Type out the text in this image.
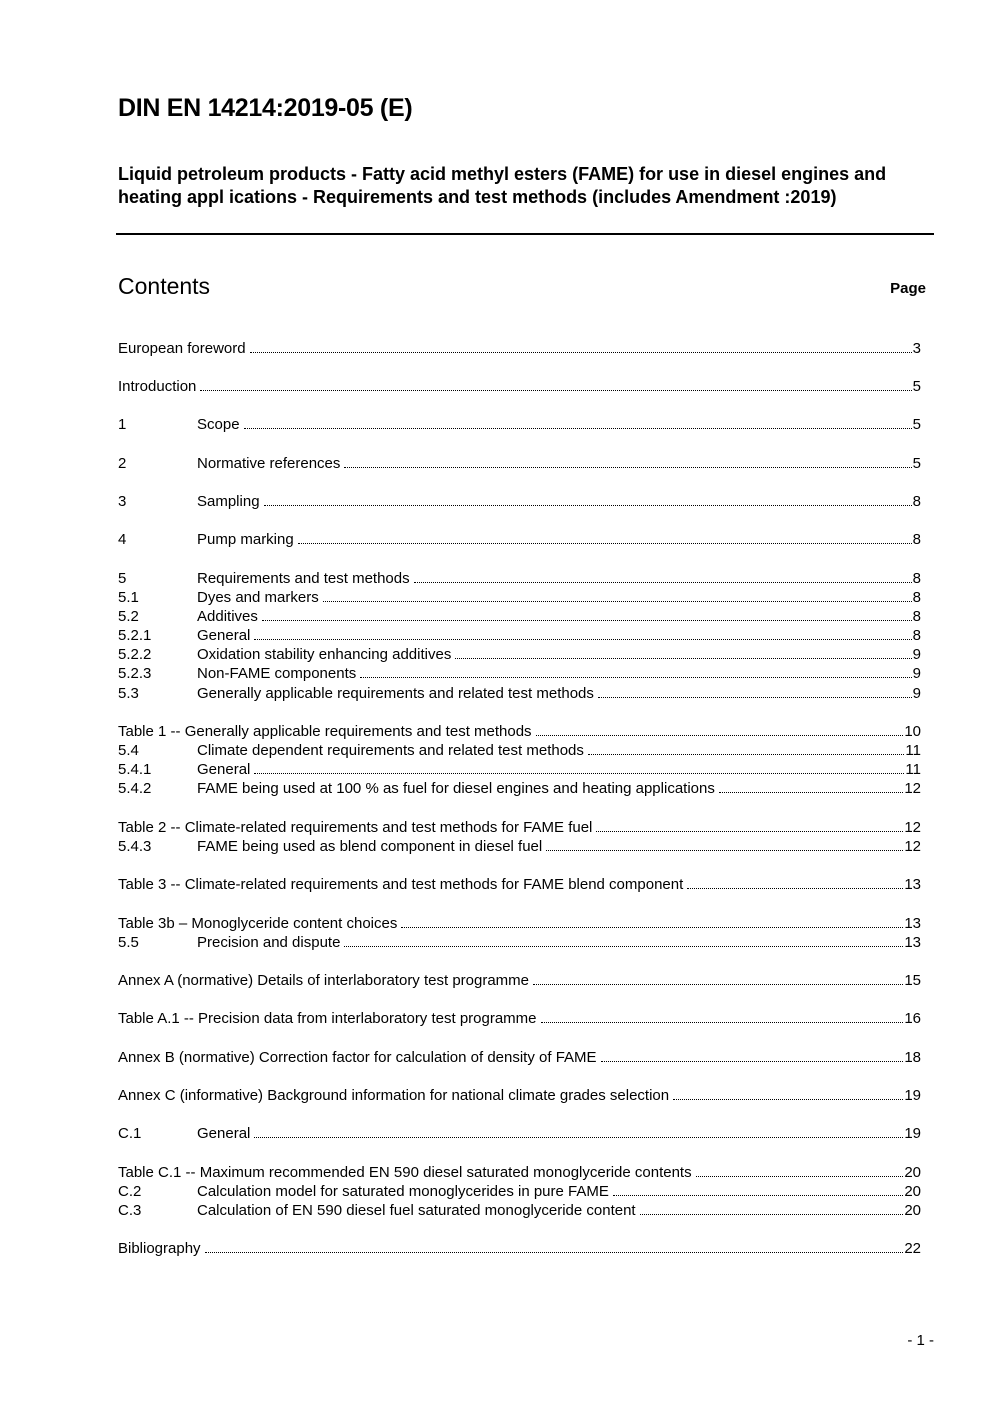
DIN EN 14214:2019-05 (E)
Liquid petroleum products - Fatty acid methyl esters (FAME) for use in diesel engines and heating appl ications - Requirements and test methods (includes Amendment :2019)
Contents	Page
European foreword	3
Introduction	5
1	Scope	5
2	Normative references	5
3	Sampling	8
4	Pump marking	8
5	Requirements and test methods	8
5.1	Dyes and markers	8
5.2	Additives	8
5.2.1	General	8
5.2.2	Oxidation stability enhancing additives	9
5.2.3	Non-FAME components	9
5.3	Generally applicable requirements and related test methods	9
Table 1 -- Generally applicable requirements and test methods	10
5.4	Climate dependent requirements and related test methods	11
5.4.1	General	11
5.4.2	FAME being used at 100 % as fuel for diesel engines and heating applications	12
Table 2 -- Climate-related requirements and test methods for FAME fuel	12
5.4.3	FAME being used as blend component in diesel fuel	12
Table 3 -- Climate-related requirements and test methods for FAME blend component	13
Table 3b – Monoglyceride content choices	13
5.5	Precision and dispute	13
Annex A (normative) Details of interlaboratory test programme	15
Table A.1 -- Precision data from interlaboratory test programme	16
Annex B (normative) Correction factor for calculation of density of FAME	18
Annex C (informative) Background information for national climate grades selection	19
C.1	General	19
Table C.1 -- Maximum recommended EN 590 diesel saturated monoglyceride contents	20
C.2	Calculation model for saturated monoglycerides in pure FAME	20
C.3	Calculation of EN 590 diesel fuel saturated monoglyceride content	20
Bibliography	22
- 1 -
